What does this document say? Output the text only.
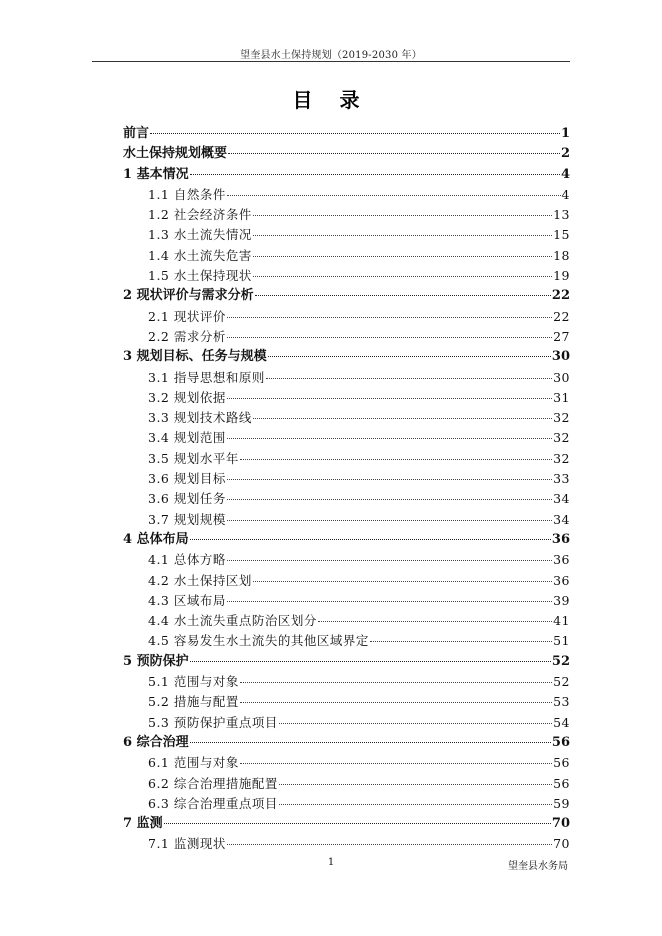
望奎县水土保持规划（2019-2030 年）
目 录
前言	1
水土保持规划概要	2
1 基本情况	4
1.1 自然条件	4
1.2 社会经济条件	13
1.3 水土流失情况	15
1.4 水土流失危害	18
1.5 水土保持现状	19
2 现状评价与需求分析	22
2.1 现状评价	22
2.2 需求分析	27
3 规划目标、任务与规模	30
3.1 指导思想和原则	30
3.2 规划依据	31
3.3 规划技术路线	32
3.4 规划范围	32
3.5 规划水平年	32
3.6 规划目标	33
3.6 规划任务	34
3.7 规划规模	34
4 总体布局	36
4.1 总体方略	36
4.2 水土保持区划	36
4.3 区域布局	39
4.4 水土流失重点防治区划分	41
4.5 容易发生水土流失的其他区域界定	51
5 预防保护	52
5.1 范围与对象	52
5.2 措施与配置	53
5.3 预防保护重点项目	54
6 综合治理	56
6.1 范围与对象	56
6.2 综合治理措施配置	56
6.3 综合治理重点项目	59
7 监测	70
7.1 监测现状	70
1	望奎县水务局
